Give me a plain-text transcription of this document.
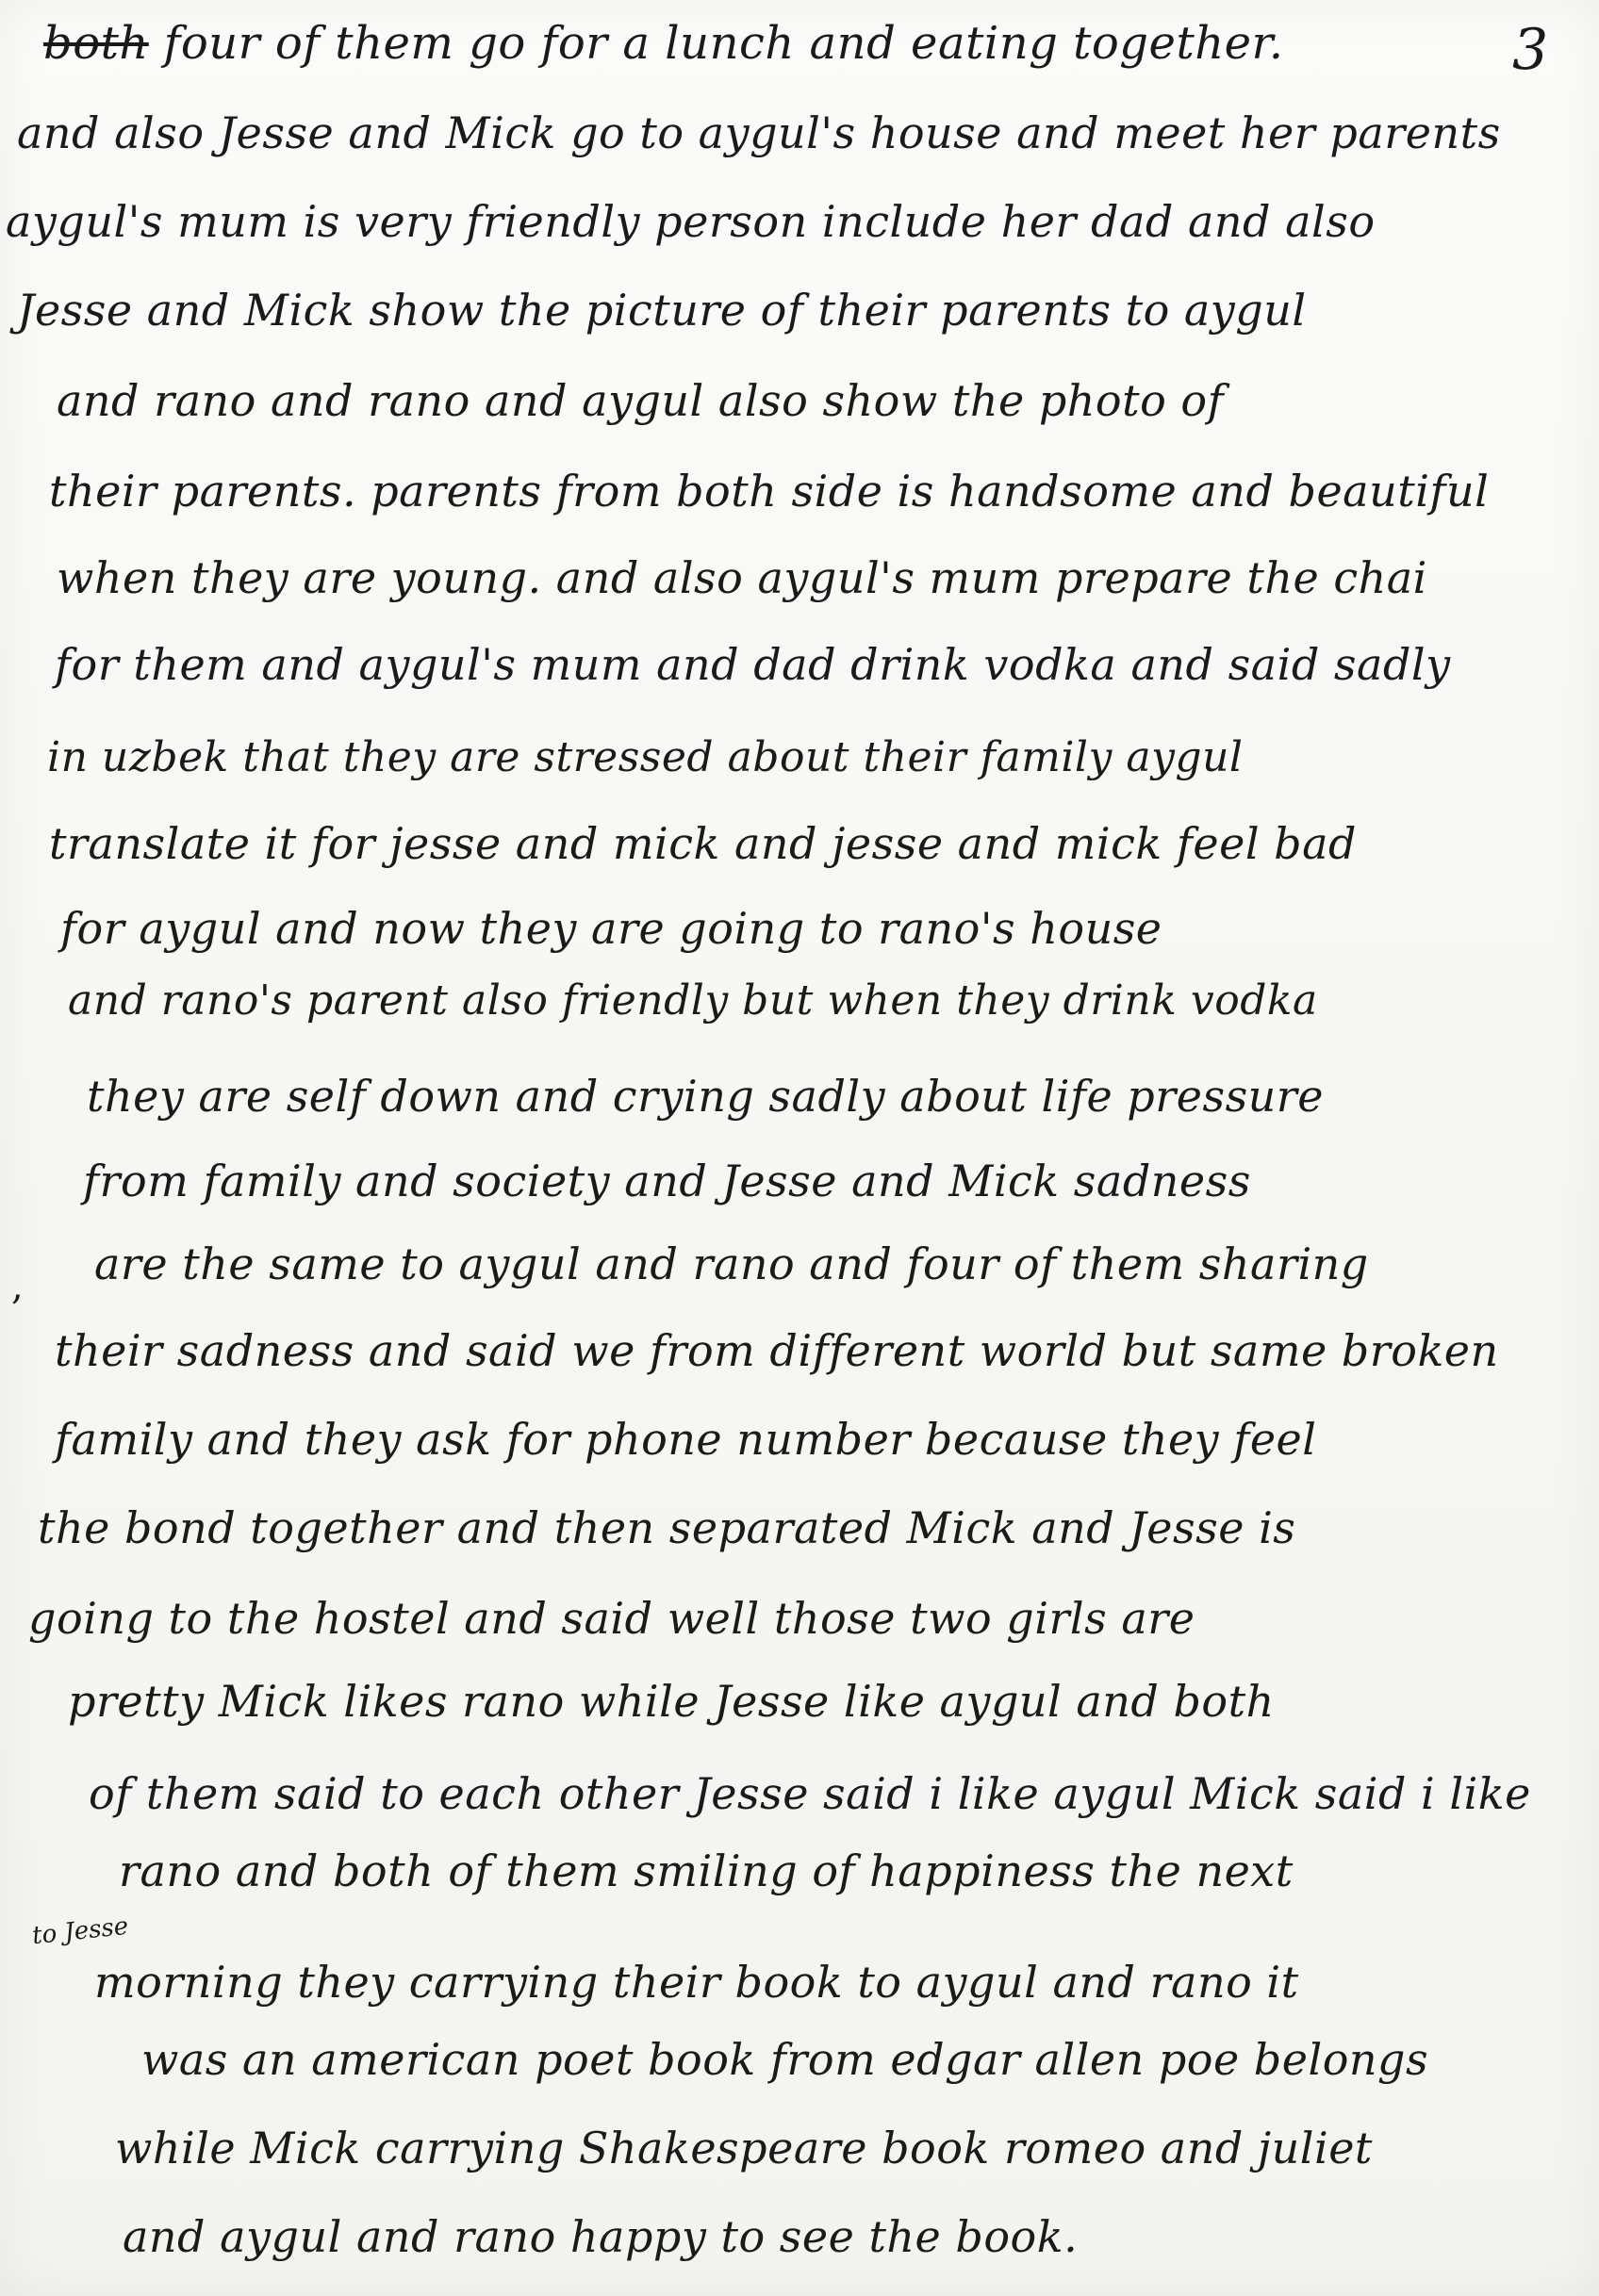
3
,
to Jesse
both four of them go for a lunch and eating together.
and also Jesse and Mick go to aygul's house and meet her parents
aygul's mum is very friendly person include her dad and also
Jesse and Mick show the picture of their parents to aygul
and rano and rano and aygul also show the photo of
their parents. parents from both side is handsome and beautiful
when they are young. and also aygul's mum prepare the chai
for them and aygul's mum and dad drink vodka and said sadly
in uzbek that they are stressed about their family aygul
translate it for jesse and mick and jesse and mick feel bad
for aygul and now they are going to rano's house
and rano's parent also friendly but when they drink vodka
they are self down and crying sadly about life pressure
from family and society and Jesse and Mick sadness
are the same to aygul and rano and four of them sharing
their sadness and said we from different world but same broken
family and they ask for phone number because they feel
the bond together and then separated Mick and Jesse is
going to the hostel and said well those two girls are
pretty Mick likes rano while Jesse like aygul and both
of them said to each other Jesse said i like aygul Mick said i like
rano and both of them smiling of happiness the next
morning they carrying their book to aygul and rano it
was an american poet book from edgar allen poe belongs
while Mick carrying Shakespeare book romeo and juliet
and aygul and rano happy to see the book.
